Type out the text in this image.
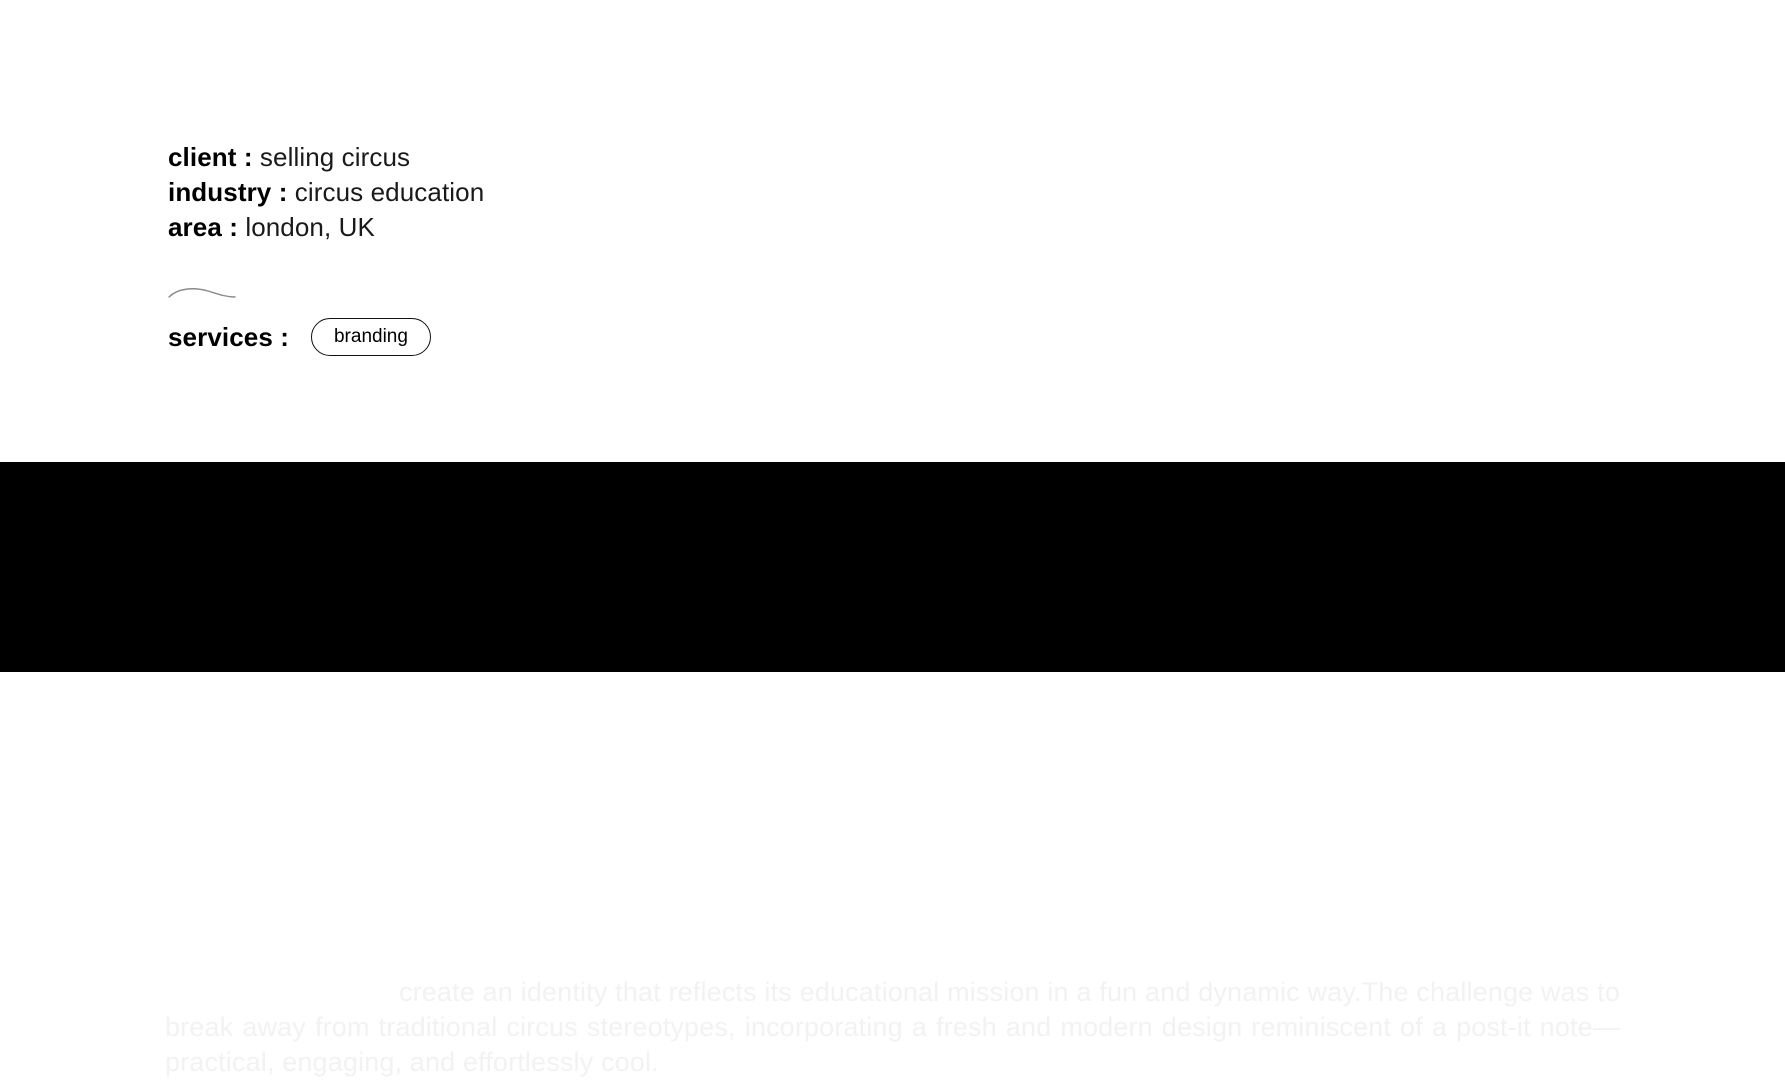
client : selling circus
industry : circus education
area : london, UK
services :	branding
brand challenge : create an identity that reflects its educational mission in a fun and dynamic way.The challenge was to break away from traditional circus stereotypes, incorporating a fresh and modern design reminiscent of a post-it note—practical, engaging, and effortlessly cool.
